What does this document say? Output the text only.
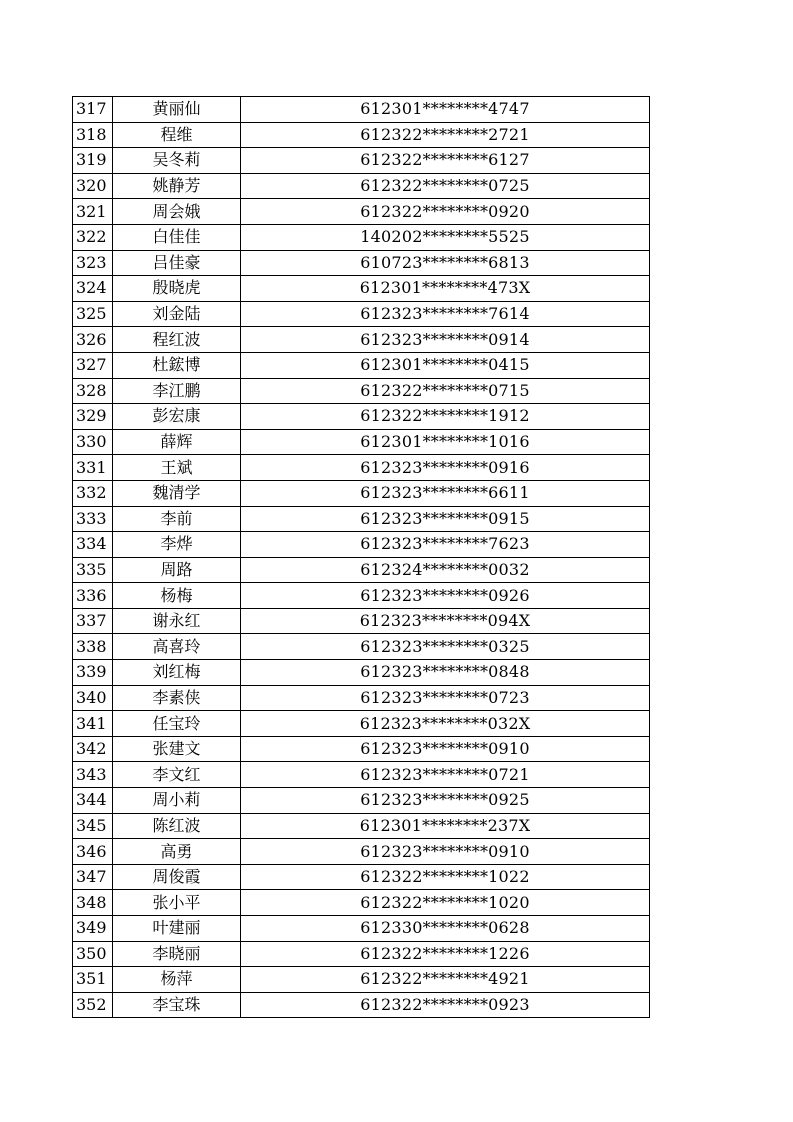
317	黄丽仙	612301********4747
318	程维	612322********2721
319	吴冬莉	612322********6127
320	姚静芳	612322********0725
321	周会娥	612322********0920
322	白佳佳	140202********5525
323	吕佳豪	610723********6813
324	殷晓虎	612301********473X
325	刘金陆	612323********7614
326	程红波	612323********0914
327	杜鋐博	612301********0415
328	李江鹏	612322********0715
329	彭宏康	612322********1912
330	薛辉	612301********1016
331	王斌	612323********0916
332	魏清学	612323********6611
333	李前	612323********0915
334	李烨	612323********7623
335	周路	612324********0032
336	杨梅	612323********0926
337	谢永红	612323********094X
338	高喜玲	612323********0325
339	刘红梅	612323********0848
340	李素侠	612323********0723
341	任宝玲	612323********032X
342	张建文	612323********0910
343	李文红	612323********0721
344	周小莉	612323********0925
345	陈红波	612301********237X
346	高勇	612323********0910
347	周俊霞	612322********1022
348	张小平	612322********1020
349	叶建丽	612330********0628
350	李晓丽	612322********1226
351	杨萍	612322********4921
352	李宝珠	612322********0923
